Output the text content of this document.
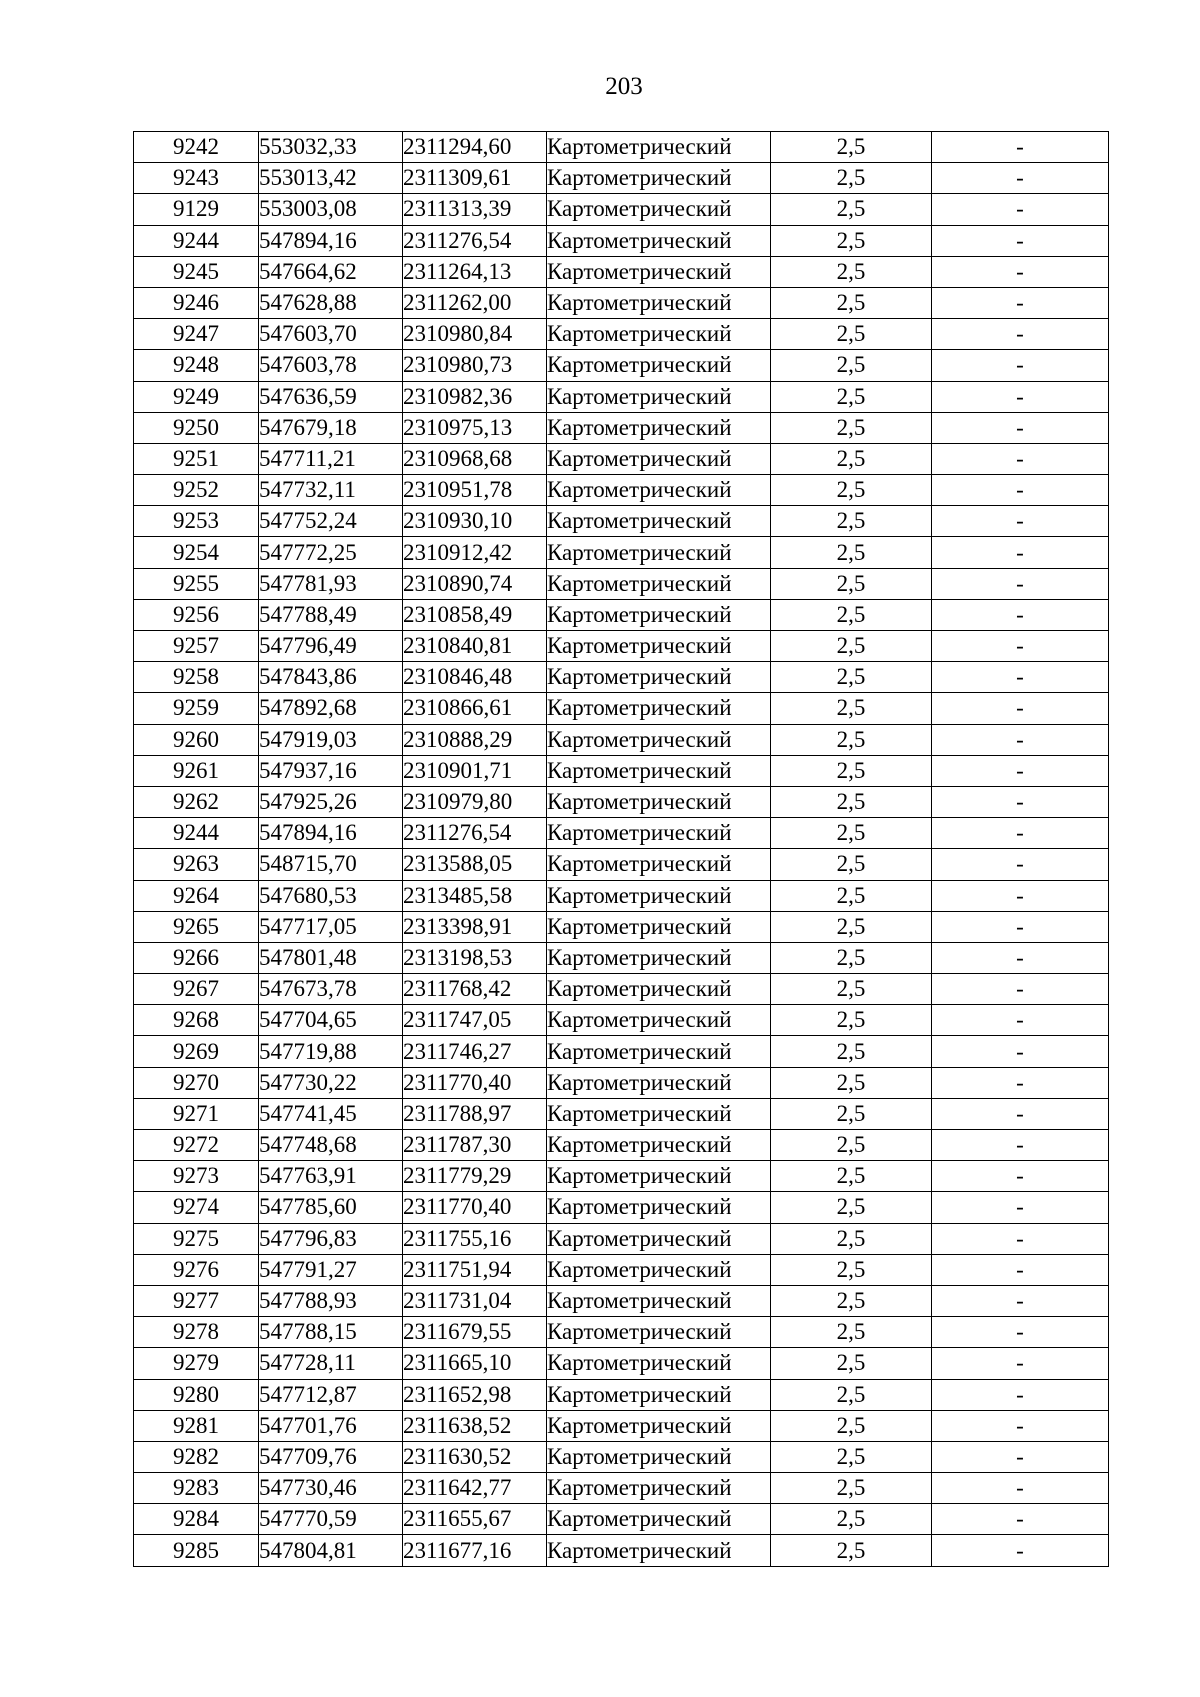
203
9242	553032,33	2311294,60	Картометрический	2,5	-
9243	553013,42	2311309,61	Картометрический	2,5	-
9129	553003,08	2311313,39	Картометрический	2,5	-
9244	547894,16	2311276,54	Картометрический	2,5	-
9245	547664,62	2311264,13	Картометрический	2,5	-
9246	547628,88	2311262,00	Картометрический	2,5	-
9247	547603,70	2310980,84	Картометрический	2,5	-
9248	547603,78	2310980,73	Картометрический	2,5	-
9249	547636,59	2310982,36	Картометрический	2,5	-
9250	547679,18	2310975,13	Картометрический	2,5	-
9251	547711,21	2310968,68	Картометрический	2,5	-
9252	547732,11	2310951,78	Картометрический	2,5	-
9253	547752,24	2310930,10	Картометрический	2,5	-
9254	547772,25	2310912,42	Картометрический	2,5	-
9255	547781,93	2310890,74	Картометрический	2,5	-
9256	547788,49	2310858,49	Картометрический	2,5	-
9257	547796,49	2310840,81	Картометрический	2,5	-
9258	547843,86	2310846,48	Картометрический	2,5	-
9259	547892,68	2310866,61	Картометрический	2,5	-
9260	547919,03	2310888,29	Картометрический	2,5	-
9261	547937,16	2310901,71	Картометрический	2,5	-
9262	547925,26	2310979,80	Картометрический	2,5	-
9244	547894,16	2311276,54	Картометрический	2,5	-
9263	548715,70	2313588,05	Картометрический	2,5	-
9264	547680,53	2313485,58	Картометрический	2,5	-
9265	547717,05	2313398,91	Картометрический	2,5	-
9266	547801,48	2313198,53	Картометрический	2,5	-
9267	547673,78	2311768,42	Картометрический	2,5	-
9268	547704,65	2311747,05	Картометрический	2,5	-
9269	547719,88	2311746,27	Картометрический	2,5	-
9270	547730,22	2311770,40	Картометрический	2,5	-
9271	547741,45	2311788,97	Картометрический	2,5	-
9272	547748,68	2311787,30	Картометрический	2,5	-
9273	547763,91	2311779,29	Картометрический	2,5	-
9274	547785,60	2311770,40	Картометрический	2,5	-
9275	547796,83	2311755,16	Картометрический	2,5	-
9276	547791,27	2311751,94	Картометрический	2,5	-
9277	547788,93	2311731,04	Картометрический	2,5	-
9278	547788,15	2311679,55	Картометрический	2,5	-
9279	547728,11	2311665,10	Картометрический	2,5	-
9280	547712,87	2311652,98	Картометрический	2,5	-
9281	547701,76	2311638,52	Картометрический	2,5	-
9282	547709,76	2311630,52	Картометрический	2,5	-
9283	547730,46	2311642,77	Картометрический	2,5	-
9284	547770,59	2311655,67	Картометрический	2,5	-
9285	547804,81	2311677,16	Картометрический	2,5	-
